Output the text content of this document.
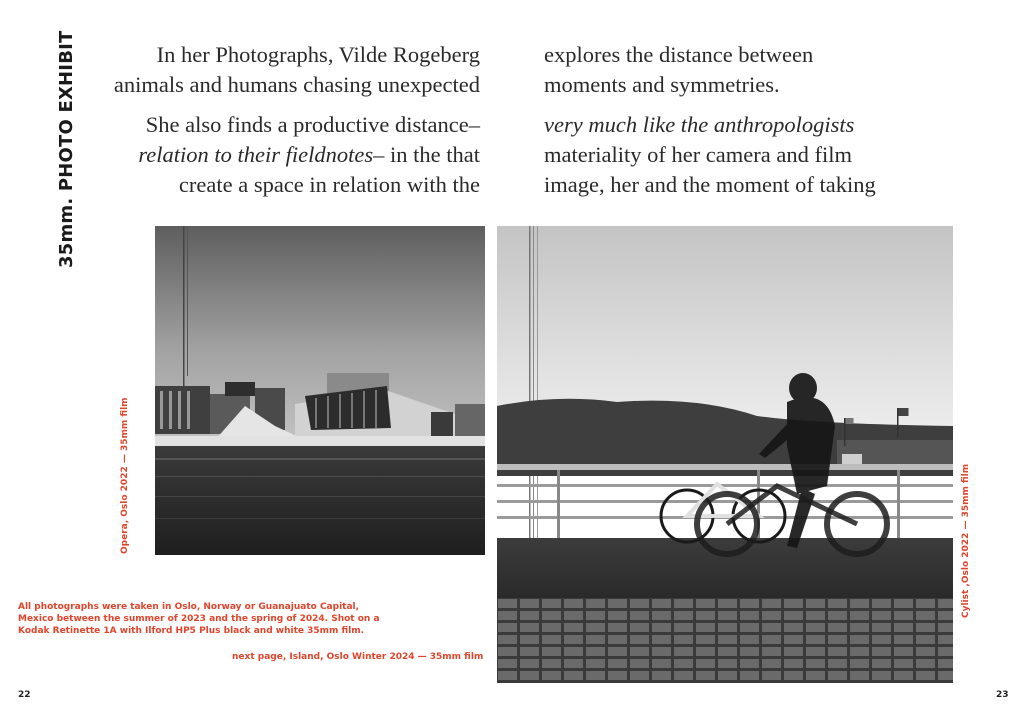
35mm. PHOTO EXHIBIT	In her Photographs, Vilde Rogeberg
animals and humans chasing unexpected
She also finds a productive distance–
relation to their fieldnotes– in the that
create a space in relation with the
explores the distance between
moments and symmetries.
very much like the anthropologists
materiality of her camera and film
image, her and the moment of taking
Opera, Oslo 2022 — 35mm film	Cylist ,Oslo 2022 — 35mm film
All photographs were taken in Oslo, Norway or Guanajuato Capital,
Mexico between the summer of 2023 and the spring of 2024. Shot on a
Kodak Retinette 1A with Ilford HP5 Plus black and white 35mm film.
next page, Island, Oslo Winter 2024 — 35mm film
22	23
